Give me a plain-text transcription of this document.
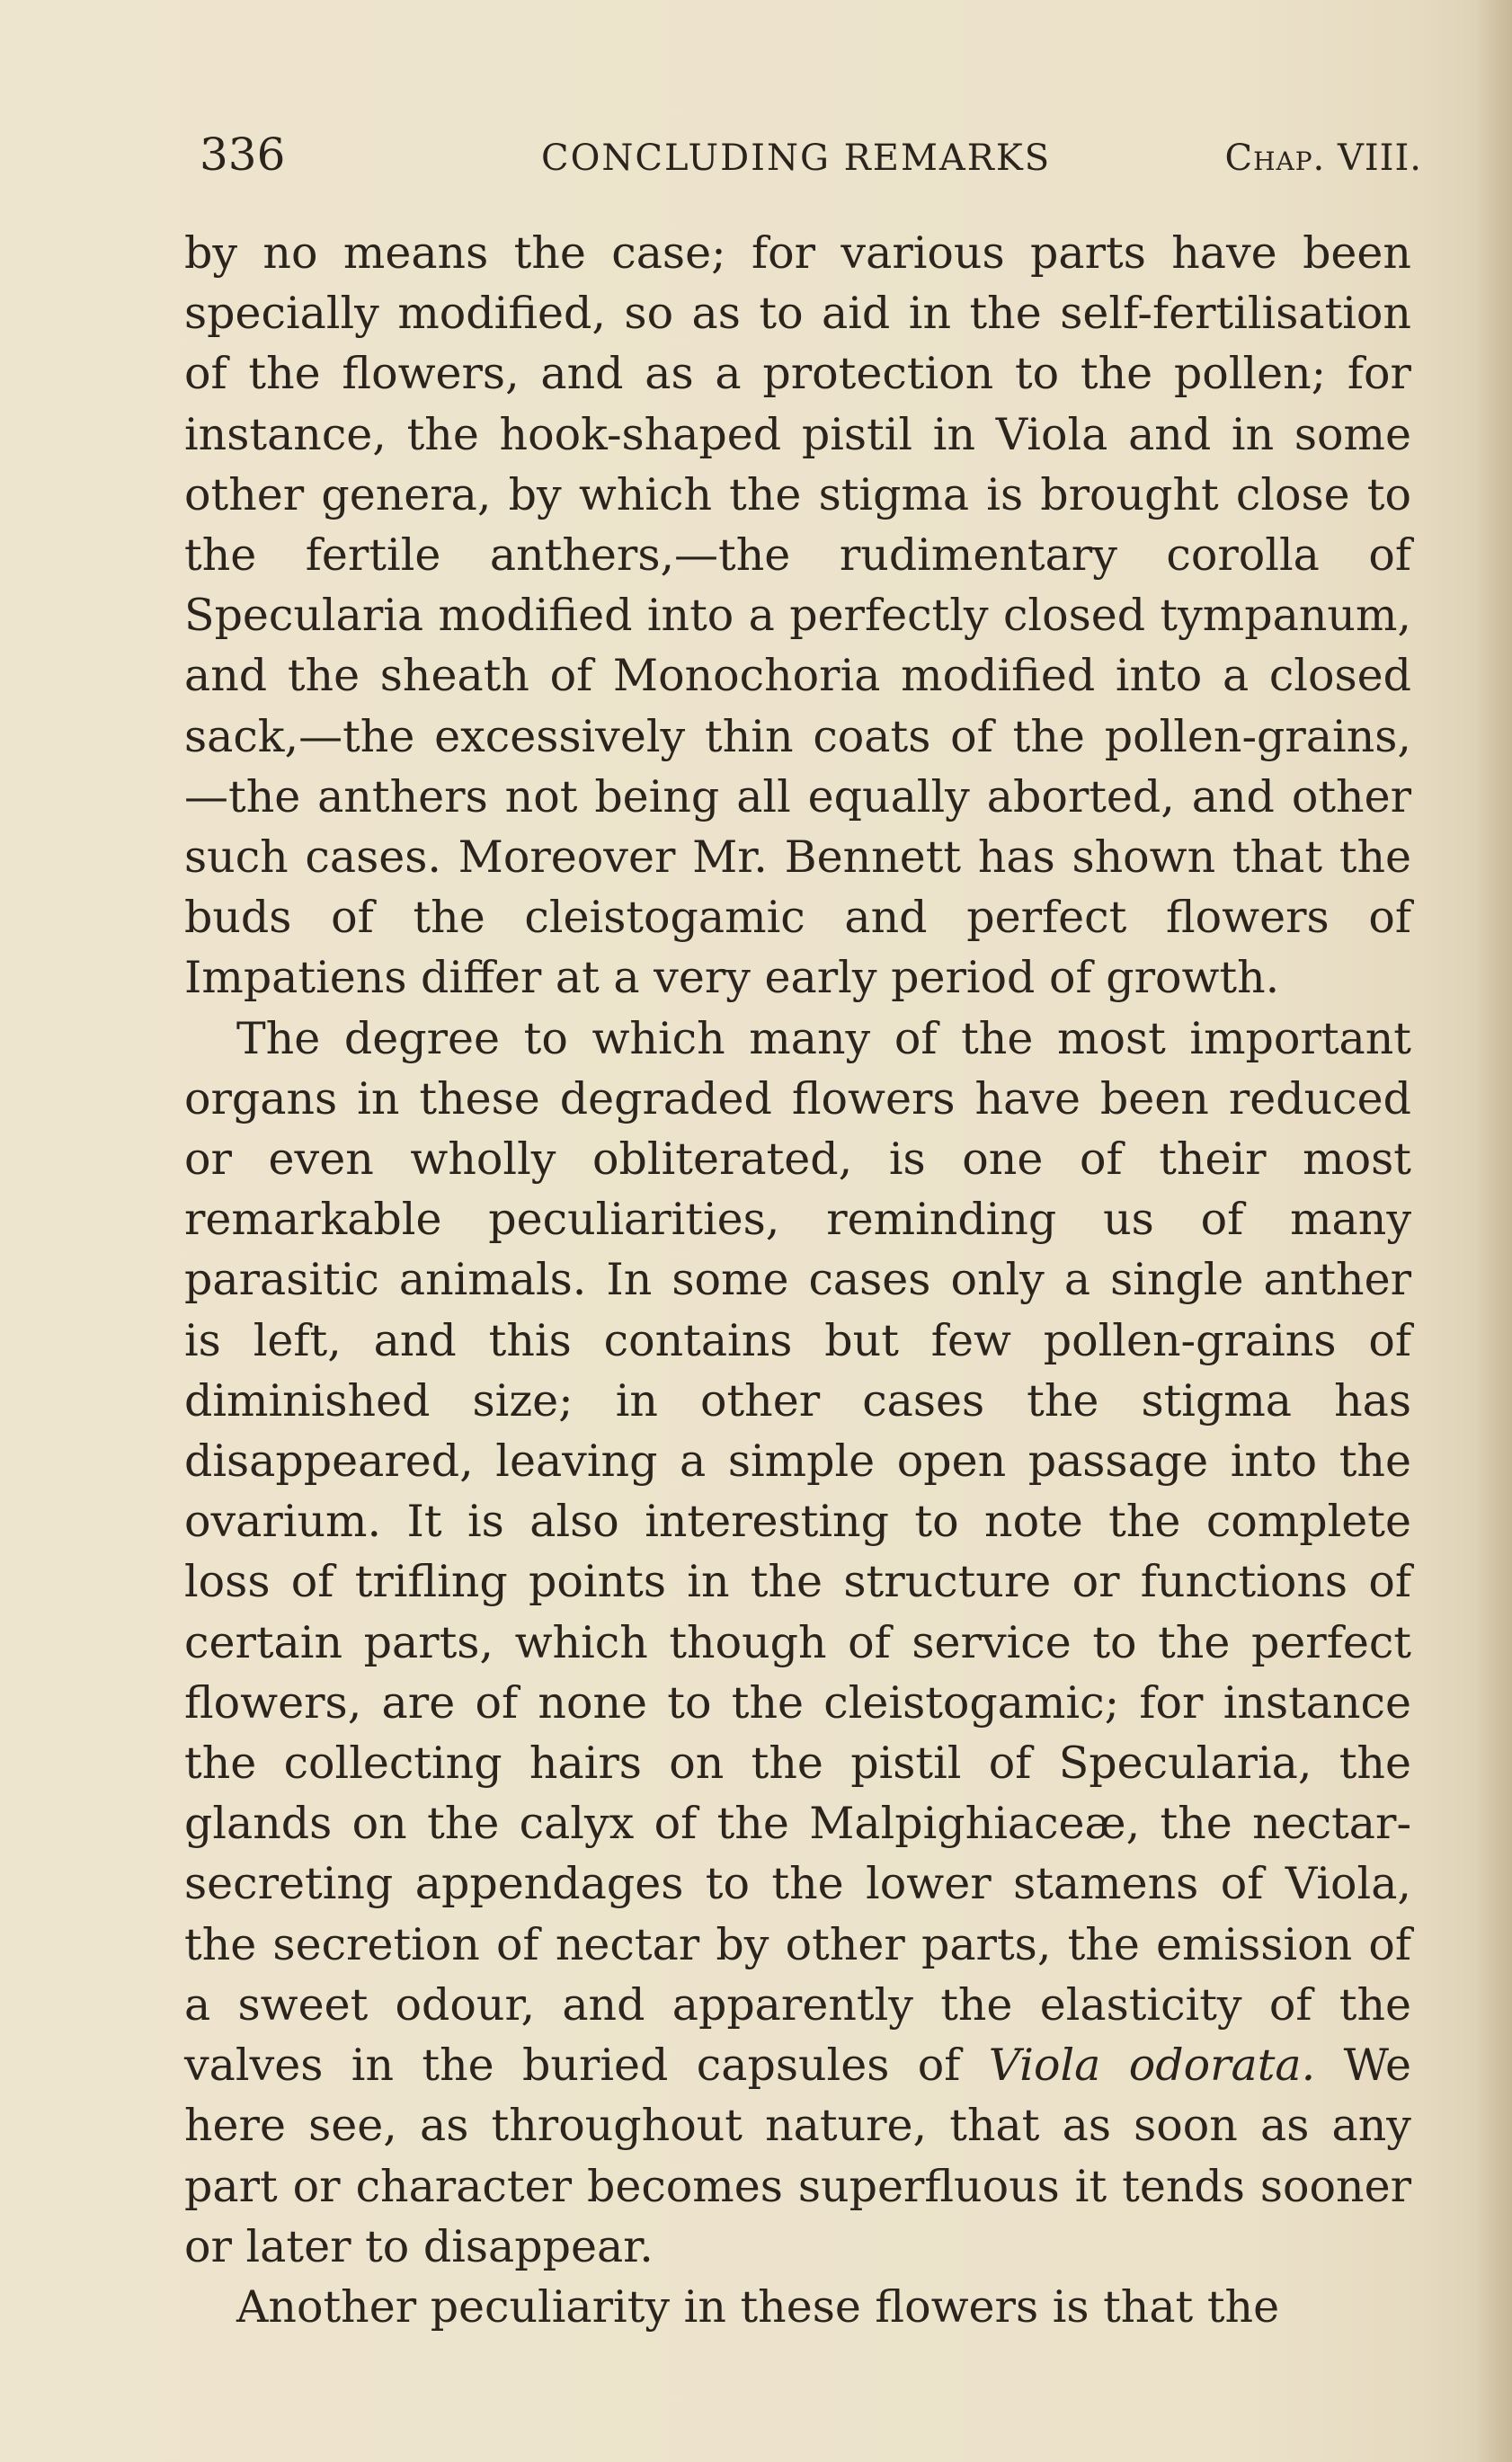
336	CONCLUDING REMARKS	Chap. VIII.

by no means the case; for various parts have been specially modified, so as to aid in the self-fertilisation of the flowers, and as a protection to the pollen; for instance, the hook-shaped pistil in Viola and in some other genera, by which the stigma is brought close to the fertile anthers,—the rudimentary corolla of Specularia modified into a perfectly closed tympanum, and the sheath of Monochoria modified into a closed sack,—the excessively thin coats of the pollen-grains, —the anthers not being all equally aborted, and other such cases. Moreover Mr. Bennett has shown that the buds of the cleistogamic and perfect flowers of Impatiens differ at a very early period of growth.

The degree to which many of the most important organs in these degraded flowers have been reduced or even wholly obliterated, is one of their most remarkable peculiarities, reminding us of many parasitic animals. In some cases only a single anther is left, and this contains but few pollen-grains of diminished size; in other cases the stigma has disappeared, leaving a simple open passage into the ovarium. It is also interesting to note the complete loss of trifling points in the structure or functions of certain parts, which though of service to the perfect flowers, are of none to the cleistogamic; for instance the collecting hairs on the pistil of Specularia, the glands on the calyx of the Malpighiaceæ, the nectar-secreting appendages to the lower stamens of Viola, the secretion of nectar by other parts, the emission of a sweet odour, and apparently the elasticity of the valves in the buried capsules of Viola odorata. We here see, as throughout nature, that as soon as any part or character becomes superfluous it tends sooner or later to disappear.

Another peculiarity in these flowers is that the
